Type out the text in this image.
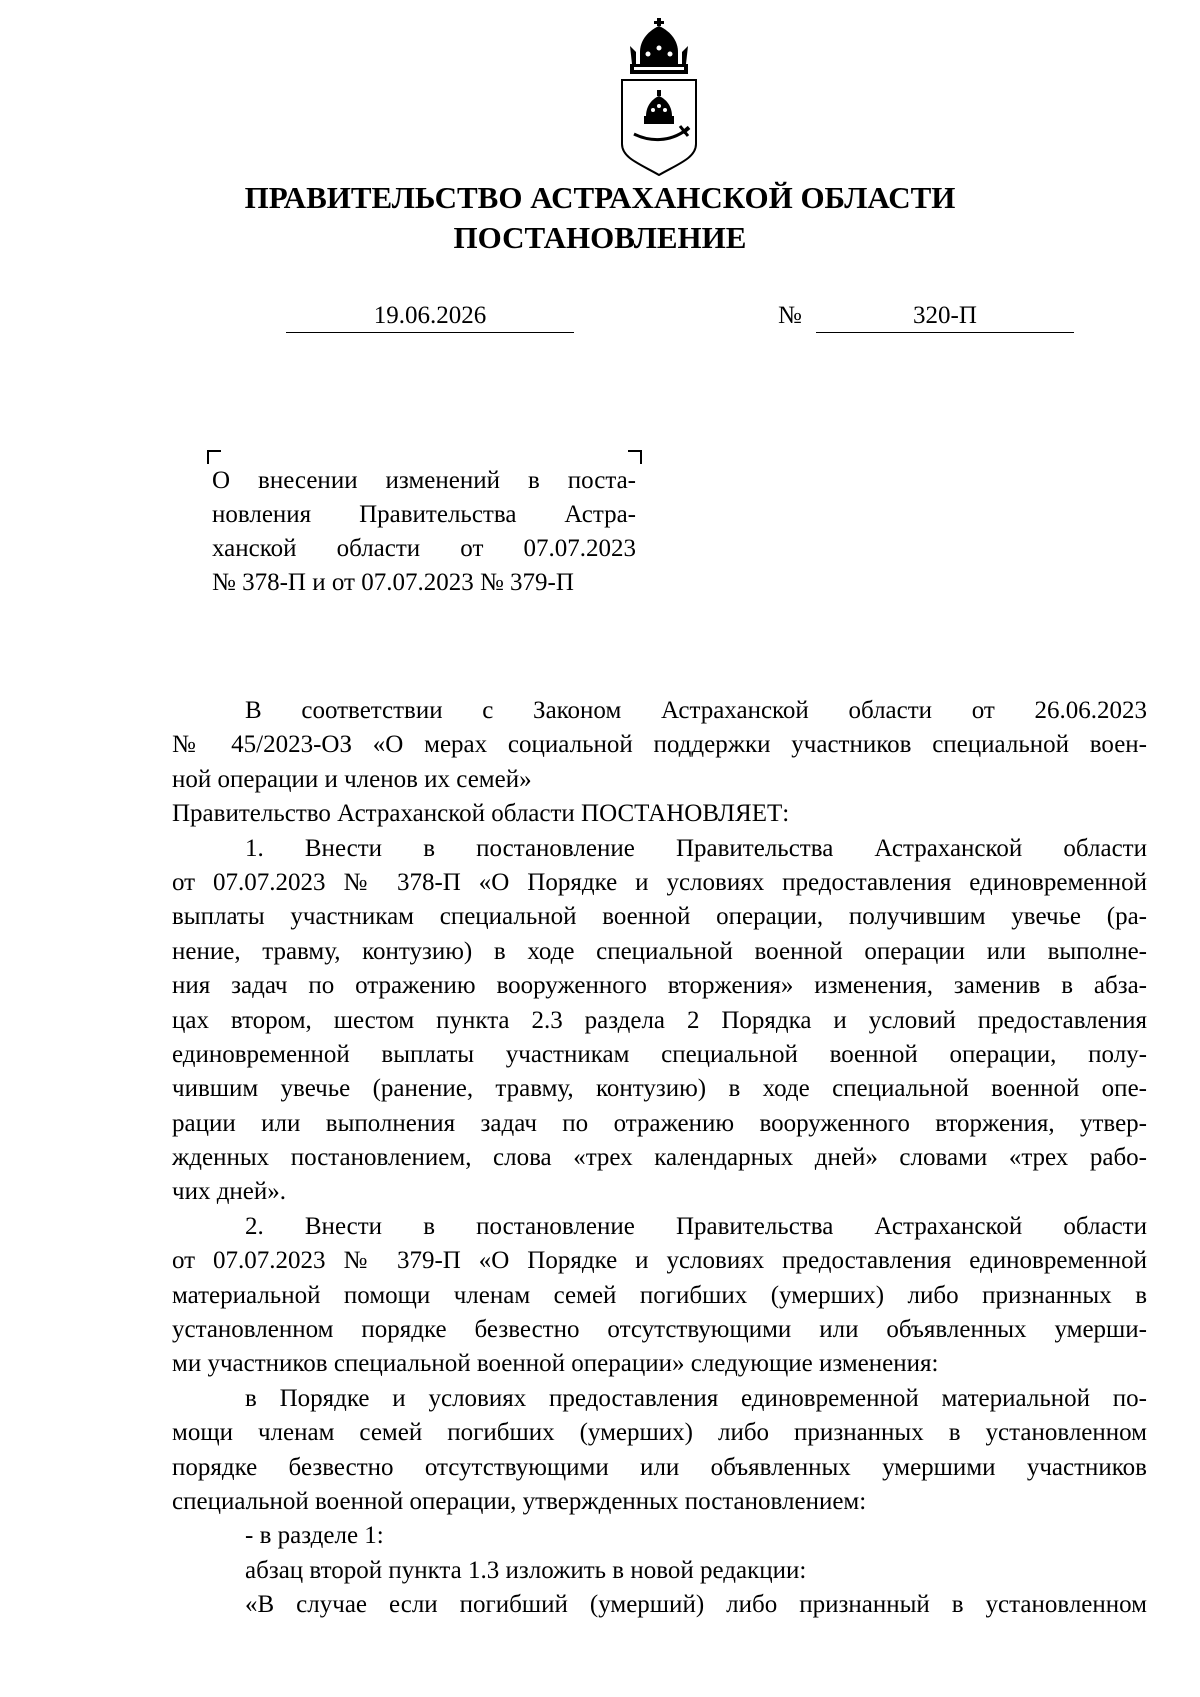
ПРАВИТЕЛЬСТВО АСТРАХАНСКОЙ ОБЛАСТИ
ПОСТАНОВЛЕНИЕ
19.06.2026	№	320-П
О внесении изменений в поста-
новления Правительства Астра-
ханской области от 07.07.2023
№ 378-П и от 07.07.2023 № 379-П
В соответствии с Законом Астраханской области от 26.06.2023
№ 45/2023-ОЗ «О мерах социальной поддержки участников специальной воен-
ной операции и членов их семей»
Правительство Астраханской области ПОСТАНОВЛЯЕТ:
1. Внести в постановление Правительства Астраханской области
от 07.07.2023 № 378-П «О Порядке и условиях предоставления единовременной
выплаты участникам специальной военной операции, получившим увечье (ра-
нение, травму, контузию) в ходе специальной военной операции или выполне-
ния задач по отражению вооруженного вторжения» изменения, заменив в абза-
цах втором, шестом пункта 2.3 раздела 2 Порядка и условий предоставления
единовременной выплаты участникам специальной военной операции, полу-
чившим увечье (ранение, травму, контузию) в ходе специальной военной опе-
рации или выполнения задач по отражению вооруженного вторжения, утвер-
жденных постановлением, слова «трех календарных дней» словами «трех рабо-
чих дней».
2. Внести в постановление Правительства Астраханской области
от 07.07.2023 № 379-П «О Порядке и условиях предоставления единовременной
материальной помощи членам семей погибших (умерших) либо признанных в
установленном порядке безвестно отсутствующими или объявленных умерши-
ми участников специальной военной операции» следующие изменения:
в Порядке и условиях предоставления единовременной материальной по-
мощи членам семей погибших (умерших) либо признанных в установленном
порядке безвестно отсутствующими или объявленных умершими участников
специальной военной операции, утвержденных постановлением:
- в разделе 1:
абзац второй пункта 1.3 изложить в новой редакции:
«В случае если погибший (умерший) либо признанный в установленном
